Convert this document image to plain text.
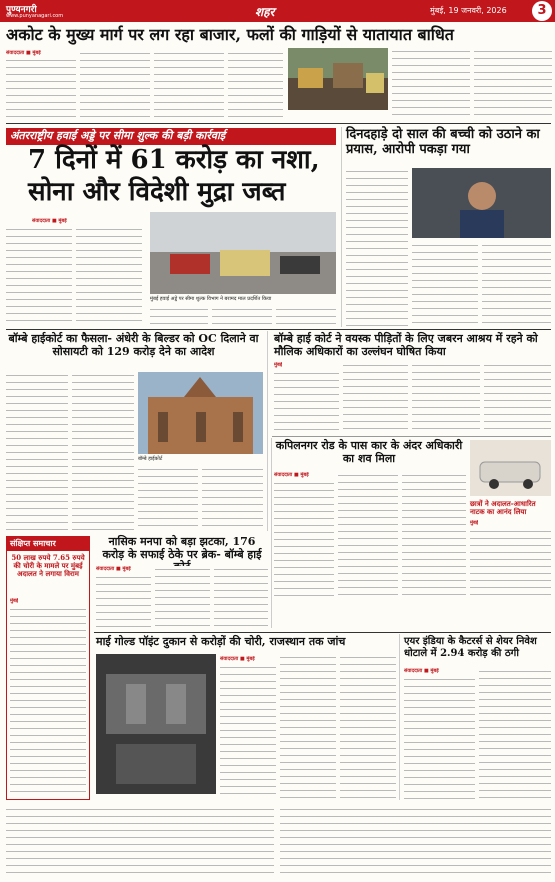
पुण्यनगरी
www.punyanagari.com	शहर	मुंबई, 19 जनवरी, 2026	3
अकोट के मुख्य मार्ग पर लग रहा बाजार, फलों की गाड़ियों से यातायात बाधित
संवाददाता ■ मुंबई
अंतरराष्ट्रीय हवाई अड्डे पर सीमा शुल्क की बड़ी कार्रवाई
7 दिनों में 61 करोड़ का नशा,
सोना और विदेशी मुद्रा जब्त
संवाददाता ■ मुंबई
मुंबई हवाई अड्डे पर सीमा शुल्क विभाग ने बरामद माल प्रदर्शित किया
दिनदहाड़े दो साल की बच्ची को उठाने का प्रयास, आरोपी पकड़ा गया
बॉम्बे हाईकोर्ट का फैसला- अंधेरी के बिल्डर को OC दिलाने वा सोसायटी को 129 करोड़ देने का आदेश
बॉम्बे हाईकोर्ट
बॉम्बे हाई कोर्ट ने वयस्क पीड़ितों के लिए जबरन आश्रय में रहने को मौलिक अधिकारों का उल्लंघन घोषित किया
मुंबई
कपिलनगर रोड के पास कार के अंदर अधिकारी का शव मिला
संवाददाता ■ मुंबई
छात्रों ने अदालत-आधारित नाटक का आनंद लिया
मुंबई
संक्षिप्त समाचार
50 लाख रुपये 7.65 रुपये की चोरी के मामले पर मुंबई अदालत ने लगाया विराम
मुंबई
नासिक मनपा को बड़ा झटका, 176 करोड़ के सफाई ठेके पर ब्रेक- बॉम्बे हाई
संवाददाता ■ मुंबई
माई गोल्ड पॉइंट दुकान से करोड़ों की चोरी, राजस्थान तक जांच
संवाददाता ■ मुंबई
एयर इंडिया के कैटरर्स से शेयर निवेश धोटाले में 2.94 करोड़ की ठगी
संवाददाता ■ मुंबई
